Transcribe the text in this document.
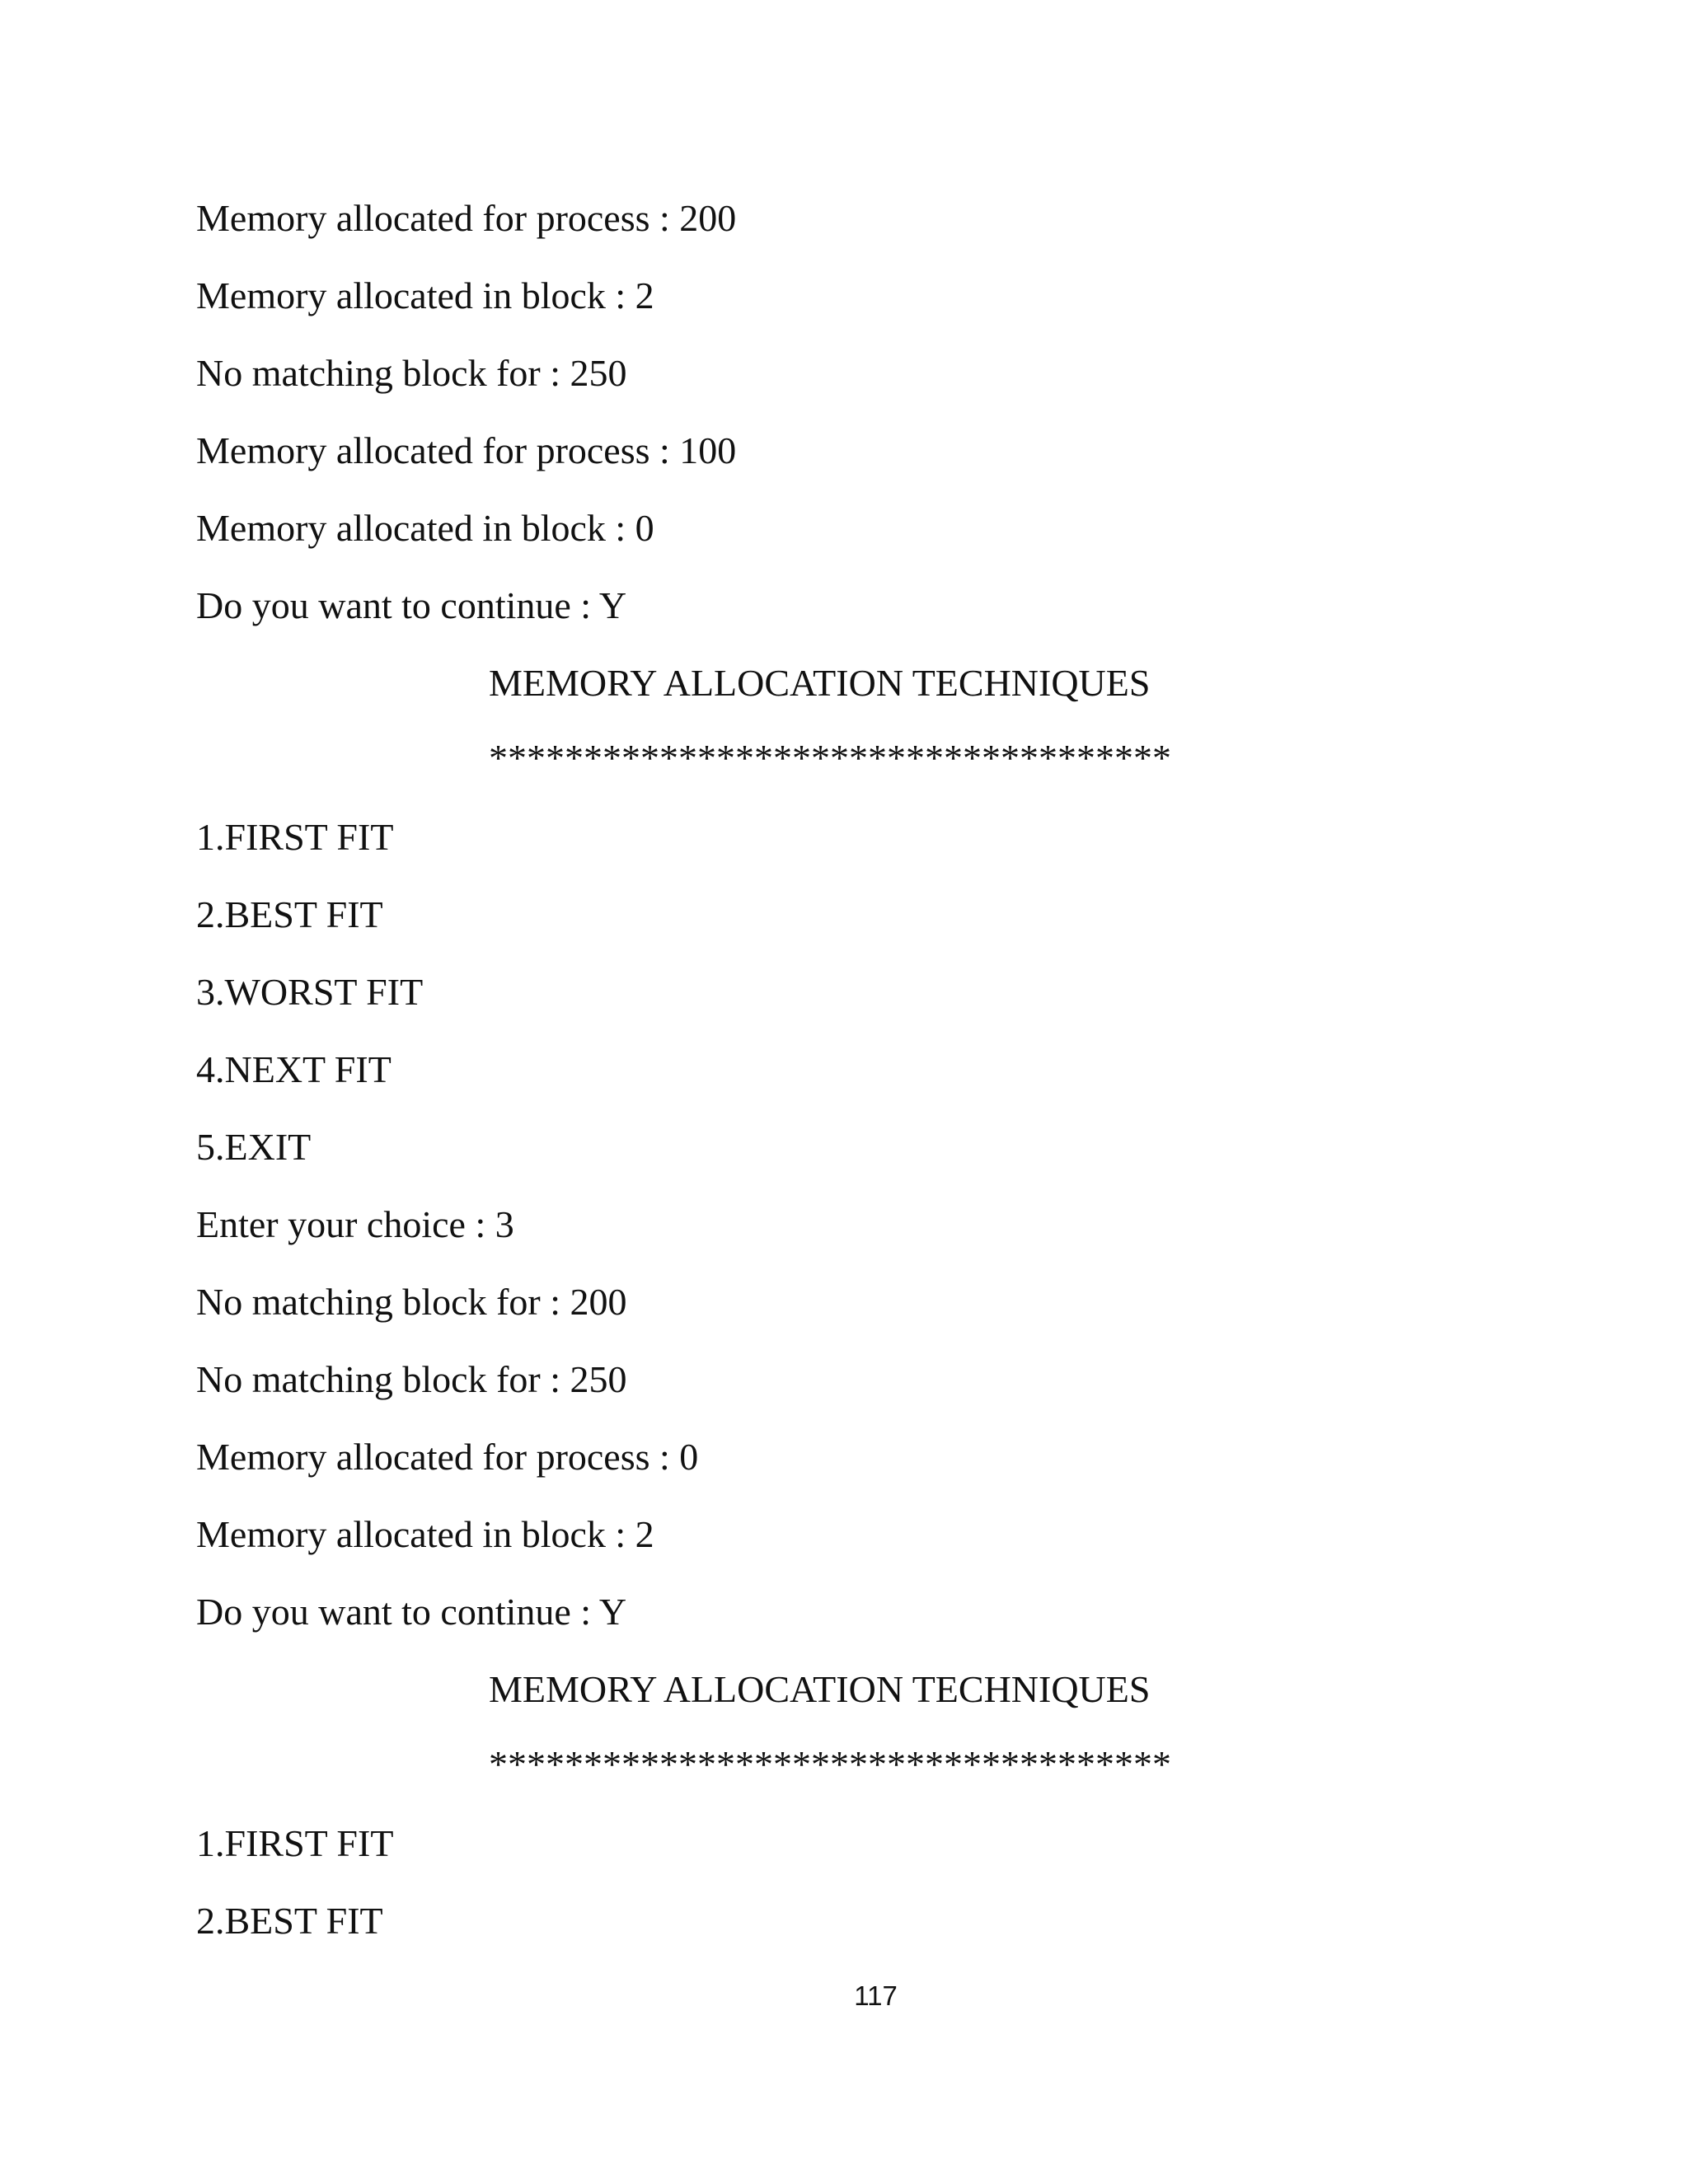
Memory allocated for process : 200
Memory allocated in block : 2
No matching block for : 250
Memory allocated for process : 100
Memory allocated in block : 0
Do you want to continue : Y
MEMORY ALLOCATION TECHNIQUES
************************************
1.FIRST FIT
2.BEST FIT
3.WORST FIT
4.NEXT FIT
5.EXIT
Enter your choice : 3
No matching block for : 200
No matching block for : 250
Memory allocated for process : 0
Memory allocated in block : 2
Do you want to continue : Y
MEMORY ALLOCATION TECHNIQUES
************************************
1.FIRST FIT
2.BEST FIT
117
